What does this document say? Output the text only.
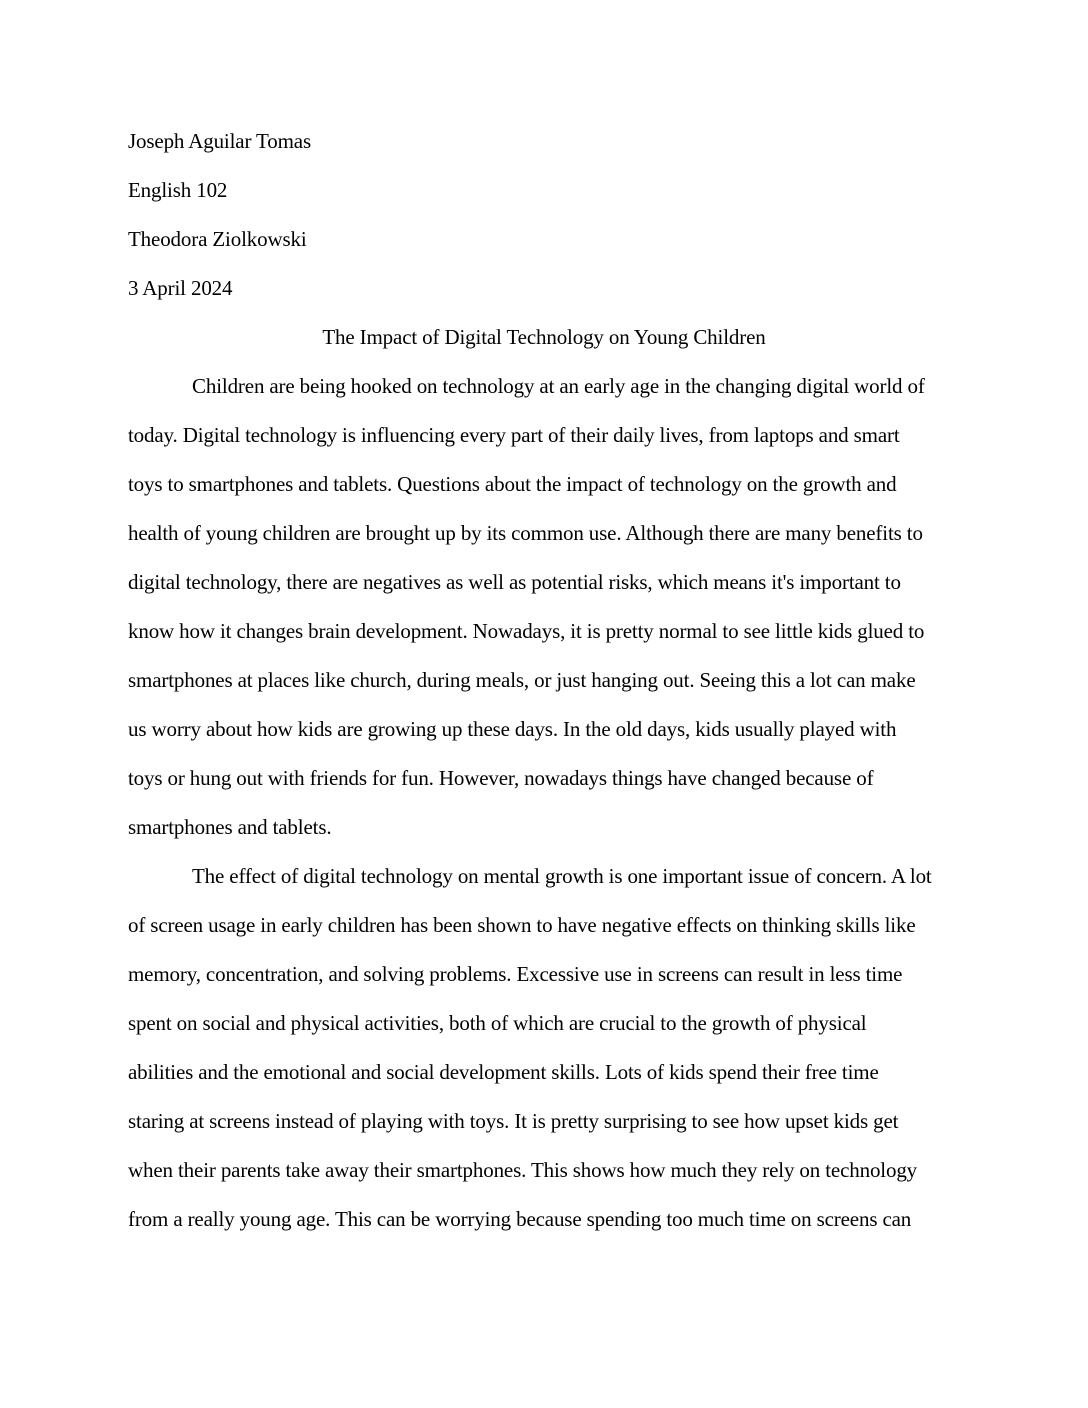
Joseph Aguilar Tomas
English 102
Theodora Ziolkowski
3 April 2024
The Impact of Digital Technology on Young Children
Children are being hooked on technology at an early age in the changing digital world of
today. Digital technology is influencing every part of their daily lives, from laptops and smart
toys to smartphones and tablets. Questions about the impact of technology on the growth and
health of young children are brought up by its common use. Although there are many benefits to
digital technology, there are negatives as well as potential risks, which means it's important to
know how it changes brain development. Nowadays, it is pretty normal to see little kids glued to
smartphones at places like church, during meals, or just hanging out. Seeing this a lot can make
us worry about how kids are growing up these days. In the old days, kids usually played with
toys or hung out with friends for fun. However, nowadays things have changed because of
smartphones and tablets.
The effect of digital technology on mental growth is one important issue of concern. A lot
of screen usage in early children has been shown to have negative effects on thinking skills like
memory, concentration, and solving problems. Excessive use in screens can result in less time
spent on social and physical activities, both of which are crucial to the growth of physical
abilities and the emotional and social development skills. Lots of kids spend their free time
staring at screens instead of playing with toys. It is pretty surprising to see how upset kids get
when their parents take away their smartphones. This shows how much they rely on technology
from a really young age. This can be worrying because spending too much time on screens can
